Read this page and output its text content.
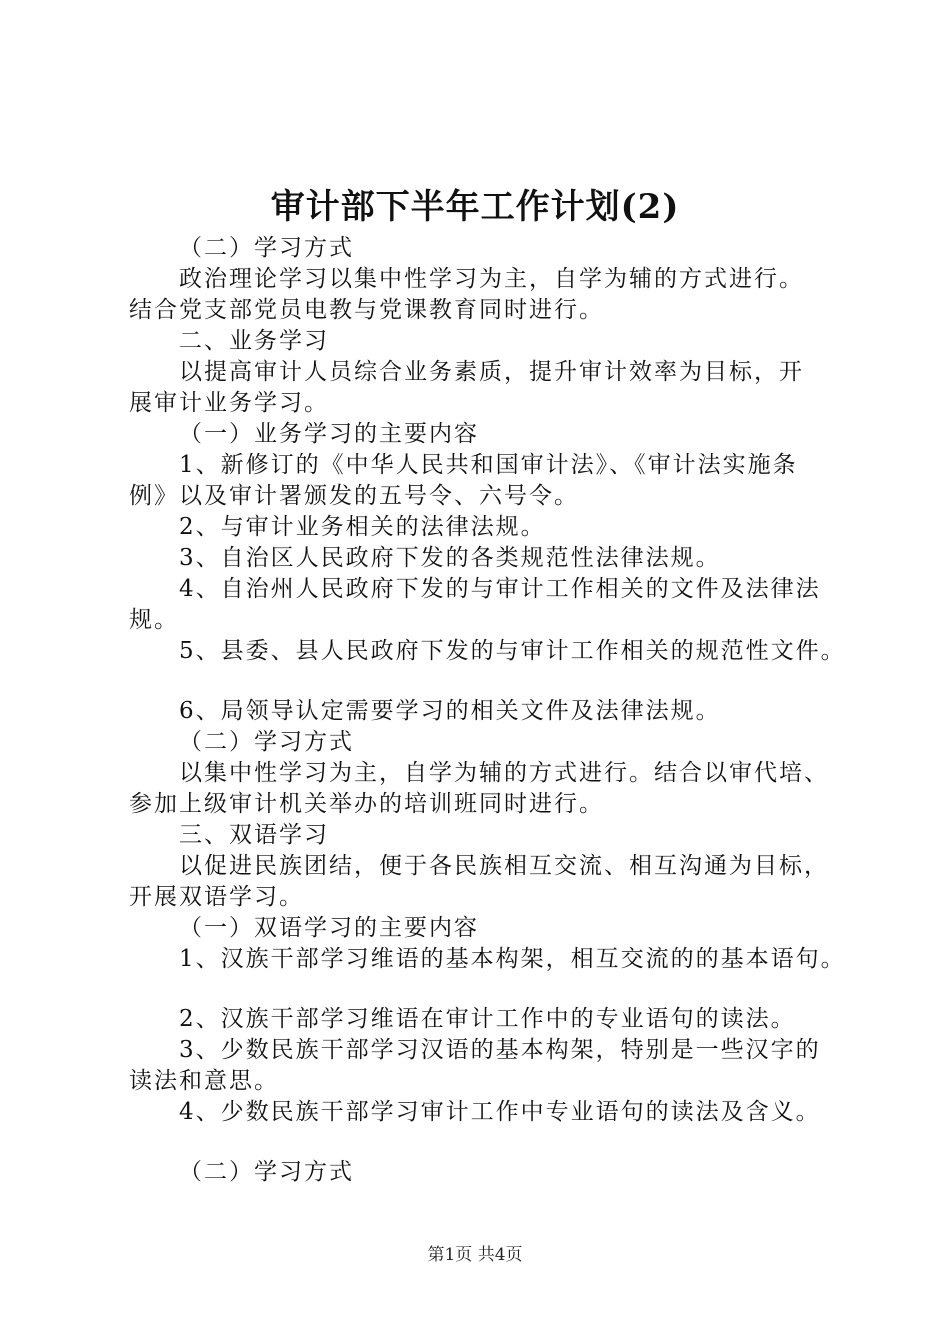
审计部下半年工作计划(2)

（二）学习方式

政治理论学习以集中性学习为主，自学为辅的方式进行。

结合党支部党员电教与党课教育同时进行。

二、业务学习

以提高审计人员综合业务素质，提升审计效率为目标，开

展审计业务学习。

（一）业务学习的主要内容

1、新修订的《中华人民共和国审计法》、《审计法实施条

例》以及审计署颁发的五号令、六号令。

2、与审计业务相关的法律法规。

3、自治区人民政府下发的各类规范性法律法规。

4、自治州人民政府下发的与审计工作相关的文件及法律法

规。

5、县委、县人民政府下发的与审计工作相关的规范性文件。

6、局领导认定需要学习的相关文件及法律法规。

（二）学习方式

以集中性学习为主，自学为辅的方式进行。结合以审代培、

参加上级审计机关举办的培训班同时进行。

三、双语学习

以促进民族团结，便于各民族相互交流、相互沟通为目标，

开展双语学习。

（一）双语学习的主要内容

1、汉族干部学习维语的基本构架，相互交流的的基本语句。

2、汉族干部学习维语在审计工作中的专业语句的读法。

3、少数民族干部学习汉语的基本构架，特别是一些汉字的

读法和意思。

4、少数民族干部学习审计工作中专业语句的读法及含义。

（二）学习方式

第1页 共4页
